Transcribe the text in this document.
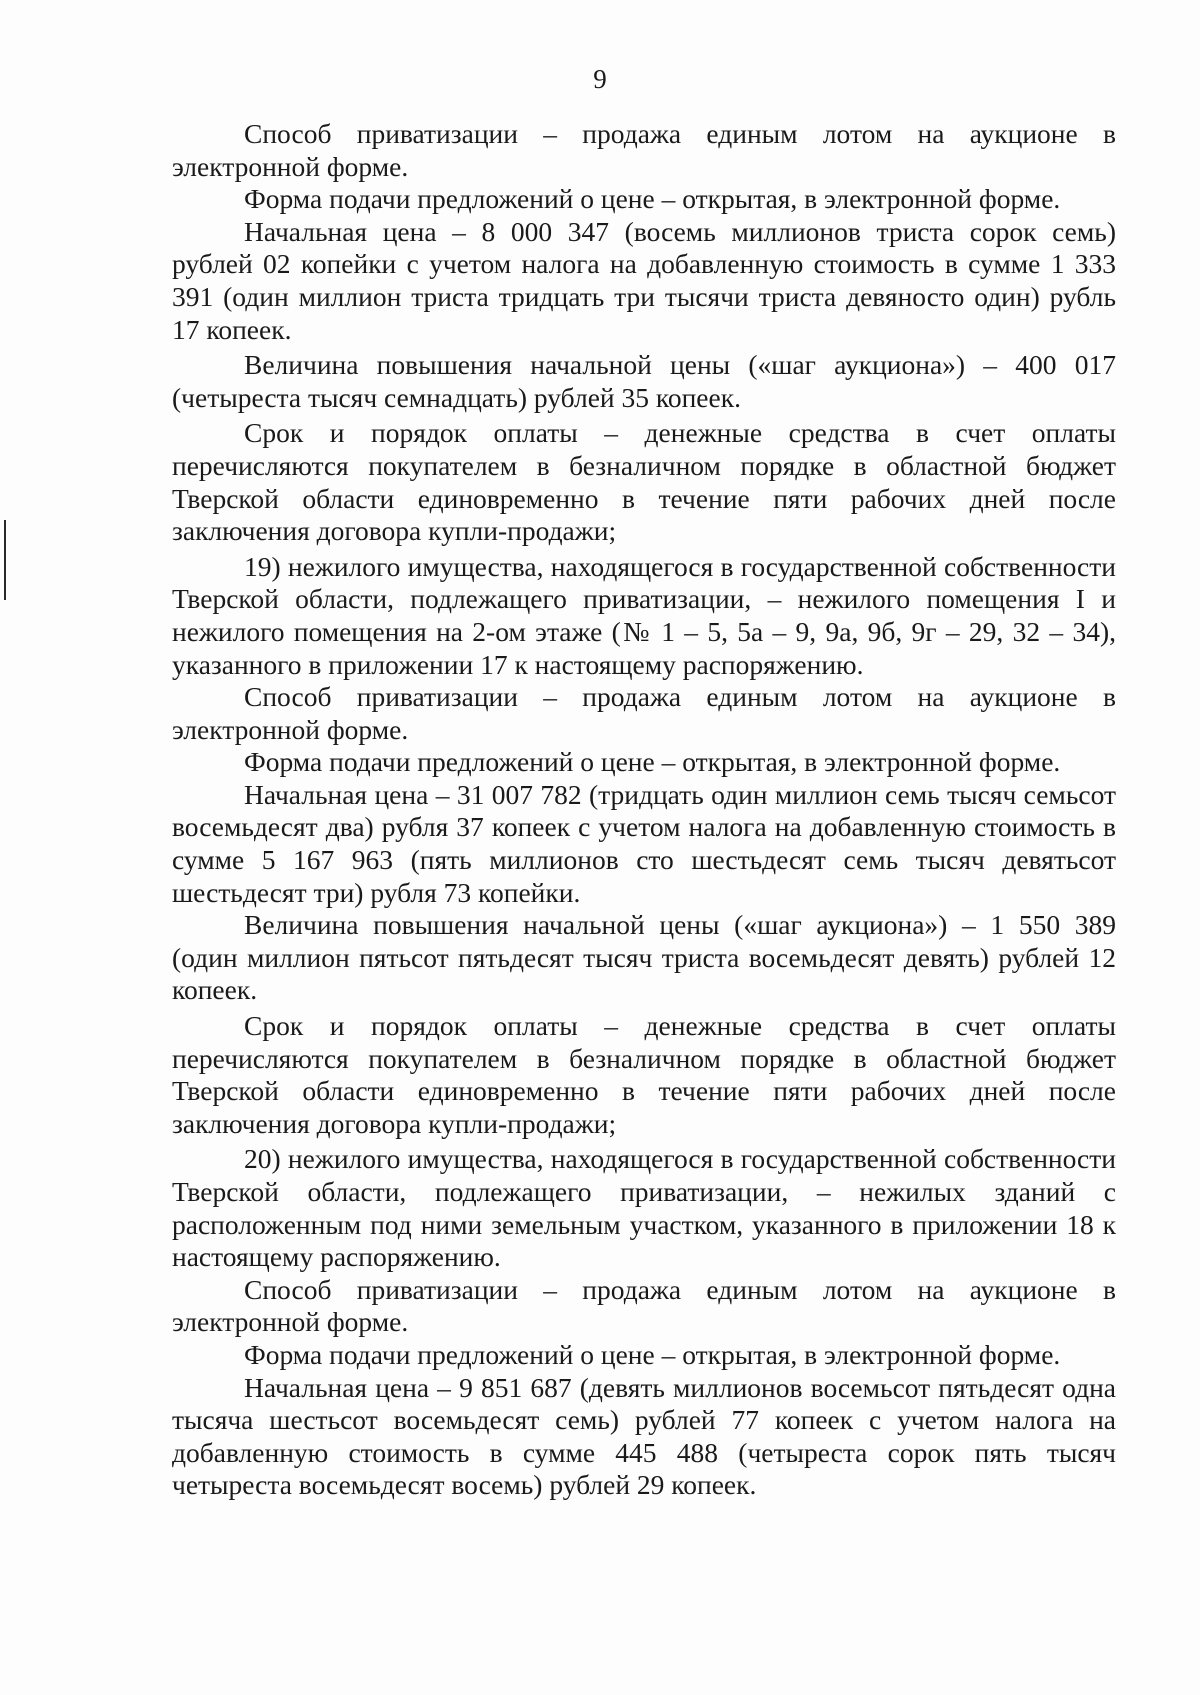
9

Способ приватизации – продажа единым лотом на аукционе в электронной форме.

Форма подачи предложений о цене – открытая, в электронной форме.

Начальная цена – 8 000 347 (восемь миллионов триста сорок семь) рублей 02 копейки с учетом налога на добавленную стоимость в сумме 1 333 391 (один миллион триста тридцать три тысячи триста девяносто один) рубль 17 копеек.

Величина повышения начальной цены («шаг аукциона») – 400 017 (четыреста тысяч семнадцать) рублей 35 копеек.

Срок и порядок оплаты – денежные средства в счет оплаты перечисляются покупателем в безналичном порядке в областной бюджет Тверской области единовременно в течение пяти рабочих дней после заключения договора купли-продажи;

19) нежилого имущества, находящегося в государственной собственности Тверской области, подлежащего приватизации, – нежилого помещения I и нежилого помещения на 2-ом этаже (№ 1 – 5, 5а – 9, 9а, 9б, 9г – 29, 32 – 34), указанного в приложении 17 к настоящему распоряжению.

Способ приватизации – продажа единым лотом на аукционе в электронной форме.

Форма подачи предложений о цене – открытая, в электронной форме.

Начальная цена – 31 007 782 (тридцать один миллион семь тысяч семьсот восемьдесят два) рубля 37 копеек с учетом налога на добавленную стоимость в сумме 5 167 963 (пять миллионов сто шестьдесят семь тысяч девятьсот шестьдесят три) рубля 73 копейки.

Величина повышения начальной цены («шаг аукциона») – 1 550 389 (один миллион пятьсот пятьдесят тысяч триста восемьдесят девять) рублей 12 копеек.

Срок и порядок оплаты – денежные средства в счет оплаты перечисляются покупателем в безналичном порядке в областной бюджет Тверской области единовременно в течение пяти рабочих дней после заключения договора купли-продажи;

20) нежилого имущества, находящегося в государственной собственности Тверской области, подлежащего приватизации, – нежилых зданий с расположенным под ними земельным участком, указанного в приложении 18 к настоящему распоряжению.

Способ приватизации – продажа единым лотом на аукционе в электронной форме.

Форма подачи предложений о цене – открытая, в электронной форме.

Начальная цена – 9 851 687 (девять миллионов восемьсот пятьдесят одна тысяча шестьсот восемьдесят семь) рублей 77 копеек с учетом налога на добавленную стоимость в сумме 445 488 (четыреста сорок пять тысяч четыреста восемьдесят восемь) рублей 29 копеек.
